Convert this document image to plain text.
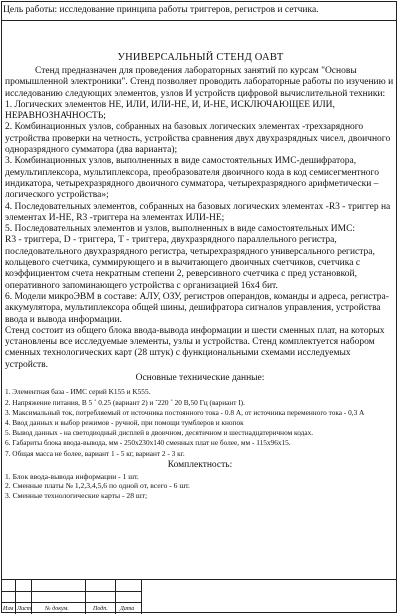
Цель работы: исследование принципа работы триггеров, регистров и сетчика.
УНИВЕРСАЛЬНЫЙ СТЕНД ОАВТ

Стенд предназначен для проведения лабораторных занятий по курсам "Основы промышленной электроники". Стенд позволяет проводить лабораторные работы по изучению и исследованию следующих элементов, узлов И устройств цифровой вычислительной техники:

1. Логических элементов НЕ, ИЛИ, ИЛИ-НЕ, И, И-НЕ, ИСКЛЮЧАЮЩЕЕ ИЛИ, НЕРАВНОЗНАЧНОСТЬ;

2. Комбинационных узлов, собранных на базовых логических элементах -трехзарядного устройства проверки на четность, устройства сравнения двух двухразрядных чисел, двоичного одноразрядного сумматора (два варианта);

3. Комбинационных узлов, выполненных в виде самостоятельных ИМС-дешифратора, демультиплексора, мультиплексора, преобразователя двоичного кода в код семисегментного индикатора, четырехразрядного двоичного сумматора, четырехразрядного арифметически – логического устройства»;

4. Последовательных элементов, собранных на базовых логических элементах -R3 - триггер на элементах И-НЕ, R3 -триггера на элементах ИЛИ-НЕ;

5. Последовательных элементов и узлов, выполненных в виде самостоятельных ИМС:

R3 - триггера, D - триггера, T - триггера, двухразрядного параллельного регистра, последовательного двухразрядного регистра, четырехразрядного универсального регистра, кольцевого счетчика, суммирующего и в вычитающего двоичных счетчиков, счетчика с коэффициентом счета некратным степени 2, реверсивного счетчика с пред установкой, оперативного запоминающего устройства с организацией 16х4 бит.

6. Модели микроЭВМ в составе: АЛУ, ОЗУ, регистров операндов, команды и адреса, регистра-аккумулятора, мультиплексора общей шины, дешифратора сигналов управления, устройства ввода и вывода информации.

Стенд состоит из общего блока ввода-вывода информации и шести сменных плат, на которых установлены все исследуемые элементы, узлы и устройства. Стенд комплектуется набором сменных технологических карт (28 штук) с функциональными схемами исследуемых устройств.

Основные технические данные:

1. Элементная база - ИМС серий K155 и K555.

2. Напряжение питания, В 5 ˚ 0.25 (вариант 2) и ˜220 ˚ 20 В,50 Гц (вариант I).

3. Максимальный ток, потребляемый от источника постоянного тока - 0.8 А, от источника переменного тока - 0,3 А

4. Ввод данных и выбор режимов - ручной, при помощи тумблеров и кнопок

5. Вывод данных - на светодиодный дисплей в двоичном, десятичном и шестнадцатеричном кодах.

6. Габариты блока ввода-вывода, мм - 250x230x140 сменных плат не более, мм - 115x96x15.

7. Общая масса не более, вариант 1 - 5 кг, вариант 2 - 3 кг.

Комплектность:

1. Блок ввода-вывода информации - 1 шт.

2. Сменные платы № 1,2,3,4,5,6 по одной от, всего - 6 шт.

3. Сменные технологические карты - 28 шт;

Изм Лист № докум.	Подп. Дата
